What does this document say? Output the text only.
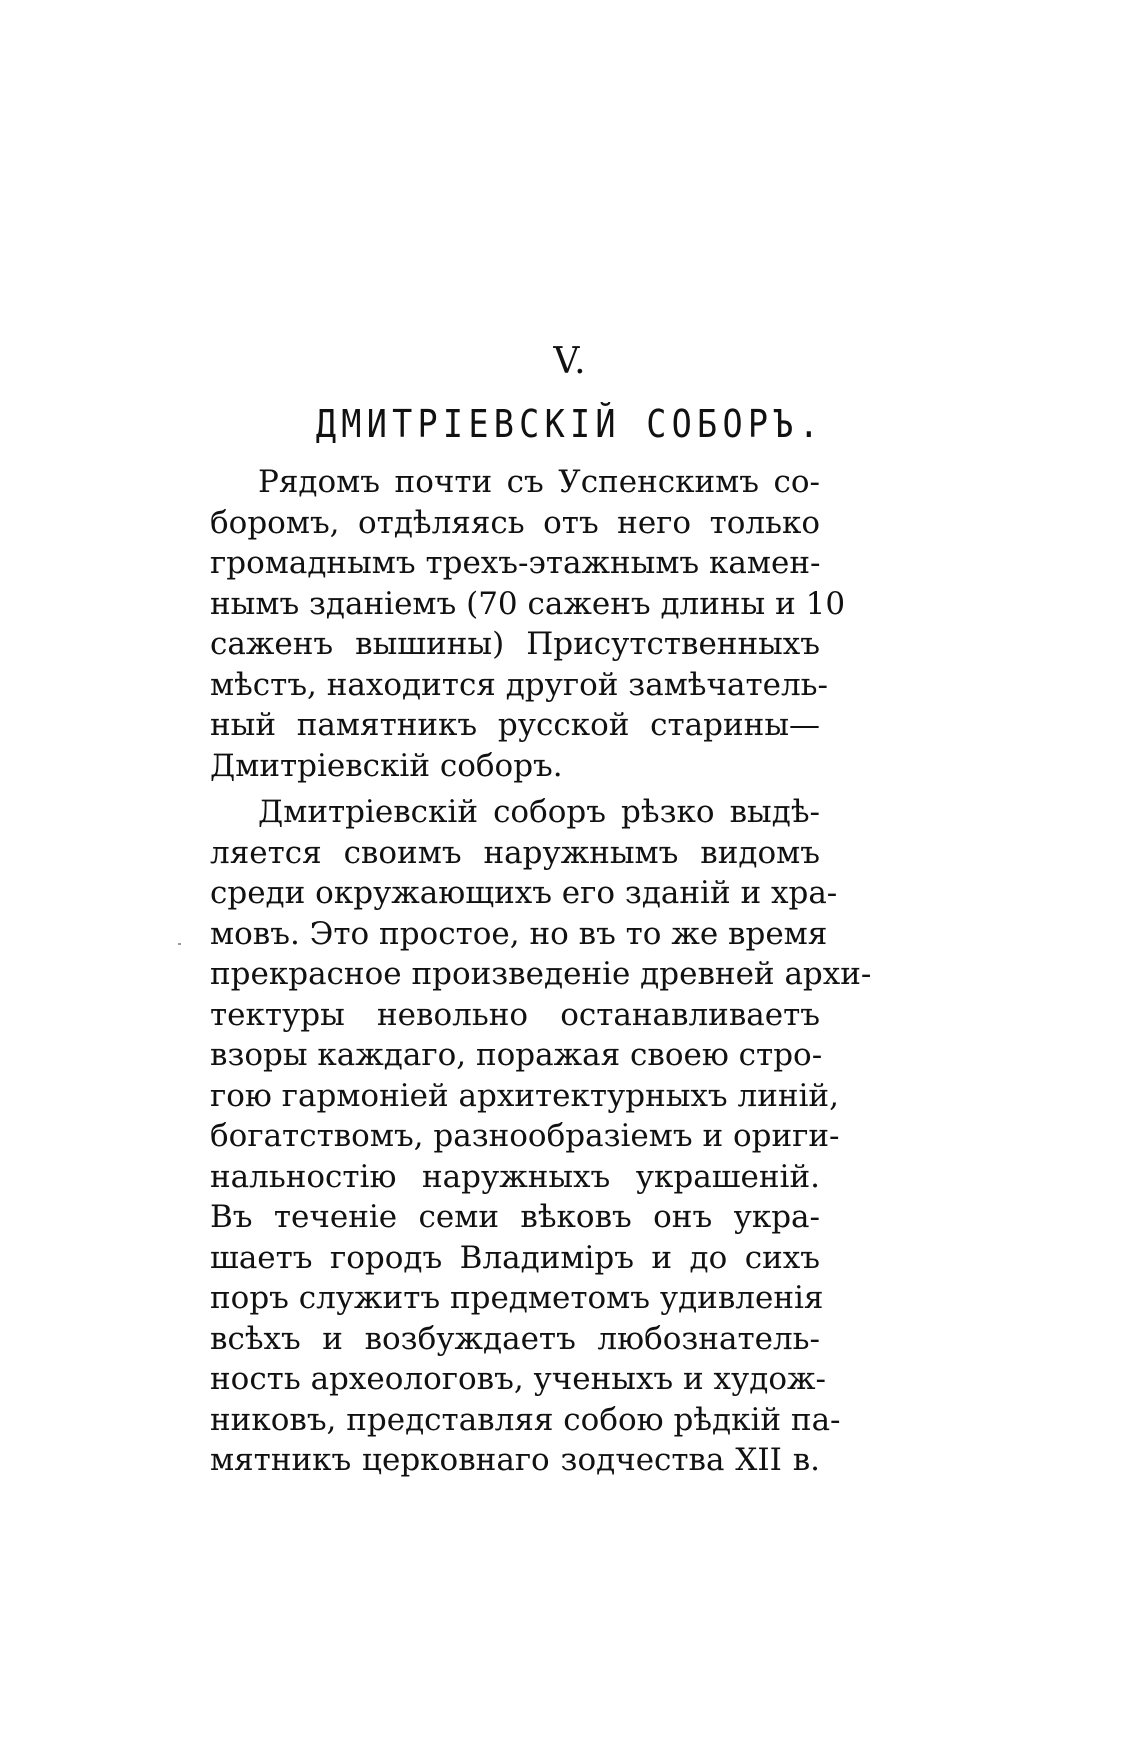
V.
ДМИТРІЕВСКІЙ СОБОРЪ.
Рядомъ почти съ Успенскимъ со-
боромъ, отдѣляясь отъ него только
громаднымъ трехъ-этажнымъ камен-
нымъ зданіемъ (70 саженъ длины и 10
саженъ вышины) Присутственныхъ
мѣстъ, находится другой замѣчатель-
ный памятникъ русской старины—
Дмитріевскій соборъ.
Дмитріевскій соборъ рѣзко выдѣ-
ляется своимъ наружнымъ видомъ
среди окружающихъ его зданій и хра-
мовъ. Это простое, но въ то же время
прекрасное произведеніе древней архи-
тектуры невольно останавливаетъ
взоры каждаго, поражая своею стро-
гою гармоніей архитектурныхъ линій,
богатствомъ, разнообразіемъ и ориги-
нальностію наружныхъ украшеній.
Въ теченіе семи вѣковъ онъ укра-
шаетъ городъ Владиміръ и до сихъ
поръ служитъ предметомъ удивленія
всѣхъ и возбуждаетъ любознатель-
ность археологовъ, ученыхъ и худож-
никовъ, представляя собою рѣдкій па-
мятникъ церковнаго зодчества XII в.
